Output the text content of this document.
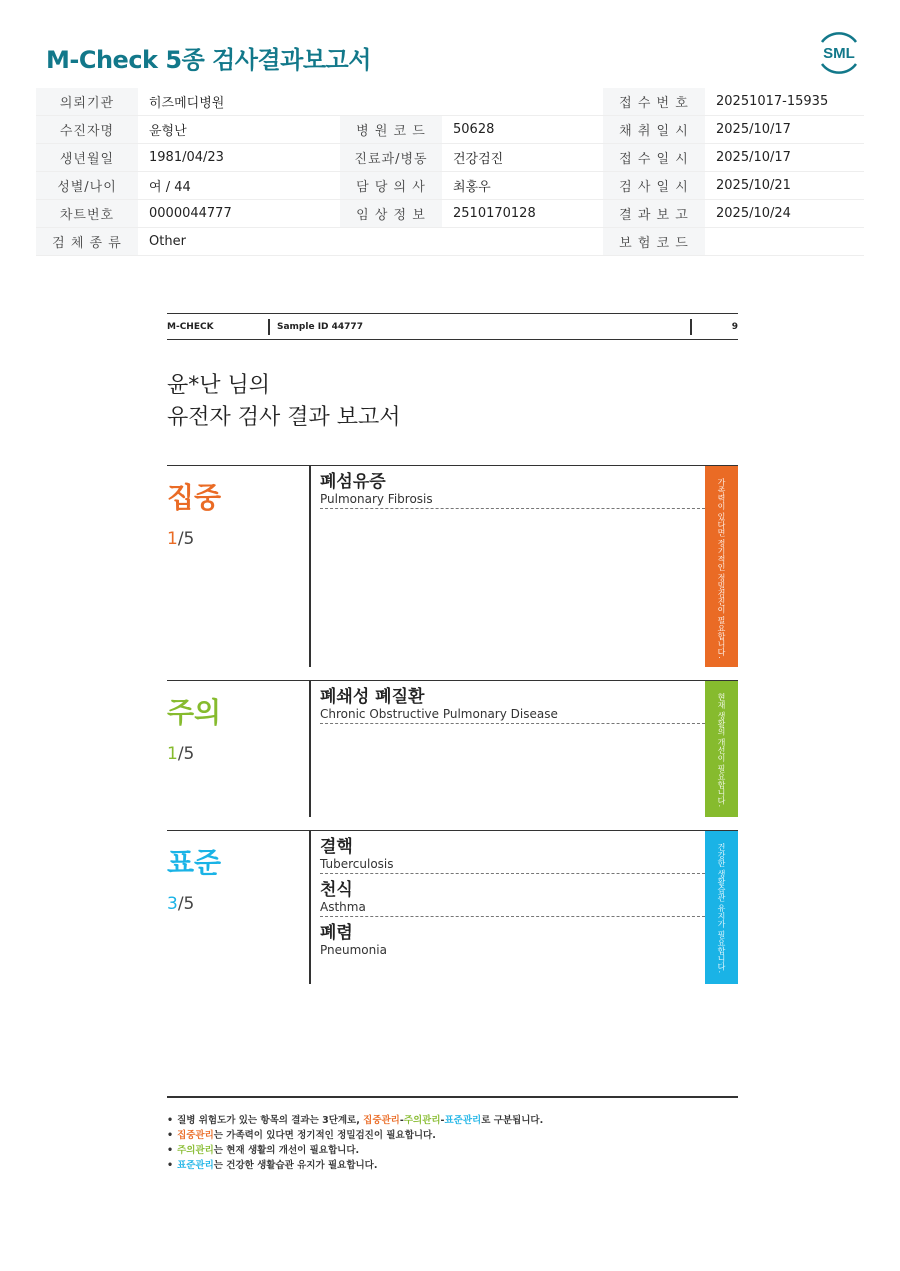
M-Check 5종 검사결과보고서	SML
의뢰기관	히즈메디병원			접 수 번 호	20251017-15935
수진자명	윤형난	병 원 코 드	50628	채 취 일 시	2025/10/17
생년월일	1981/04/23	진료과/병동	건강검진	접 수 일 시	2025/10/17
성별/나이	여 / 44	담 당 의 사	최홍우	검 사 일 시	2025/10/21
차트번호	0000044777	임 상 정 보	2510170128	결 과 보 고	2025/10/24
검 체 종 류	Other			보 험 코 드	
M-CHECK	Sample ID 44777	9
윤*난 님의
유전자 검사 결과 보고서
집중
1/5
폐섬유증
Pulmonary Fibrosis	가족력이 있다면 정기적인 정밀검진이 필요합니다.
주의
1/5
폐쇄성 폐질환
Chronic Obstructive Pulmonary Disease	현재 생활의 개선이 필요합니다.
표준
3/5
결핵
Tuberculosis
천식
Asthma
폐렴
Pneumonia	건강한 생활습관 유지가 필요합니다.
• 질병 위험도가 있는 항목의 결과는 3단계로, 집중관리-주의관리-표준관리로 구분됩니다.
• 집중관리는 가족력이 있다면 정기적인 정밀검진이 필요합니다.
• 주의관리는 현재 생활의 개선이 필요합니다.
• 표준관리는 건강한 생활습관 유지가 필요합니다.
